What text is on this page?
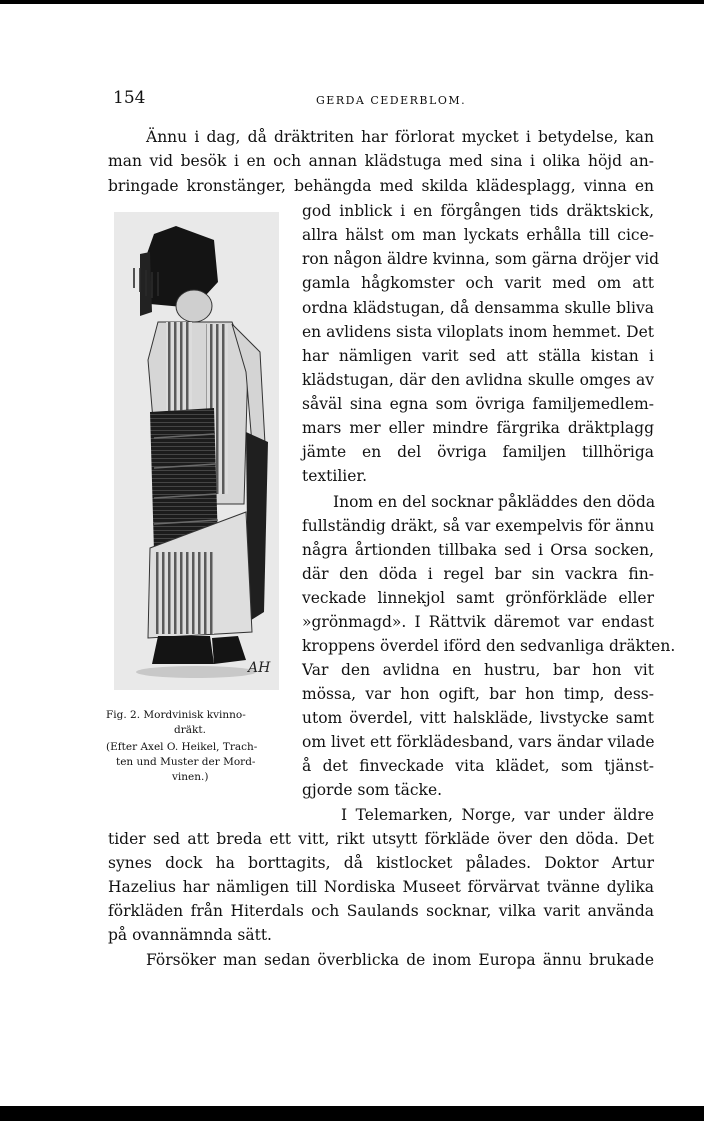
154	GERDA CEDERBLOM.
Ännu i dag, då dräktriten har förlorat mycket i betydelse, kan
man vid besök i en och annan klädstuga med sina i olika höjd an-
bringade kronstänger, behängda med skilda klädesplagg, vinna en
god inblick i en förgången tids dräktskick,
allra hälst om man lyckats erhålla till cice-
ron någon äldre kvinna, som gärna dröjer vid
gamla hågkomster och varit med om att
ordna klädstugan, då densamma skulle bliva
en avlidens sista viloplats inom hemmet. Det
har nämligen varit sed att ställa kistan i
klädstugan, där den avlidna skulle omges av
såväl sina egna som övriga familjemedlem-
mars mer eller mindre färgrika dräktplagg
jämte en del övriga familjen tillhöriga
textilier.
Inom en del socknar påkläddes den döda
fullständig dräkt, så var exempelvis för ännu
några årtionden tillbaka sed i Orsa socken,
där den döda i regel bar sin vackra fin-
veckade linnekjol samt grönförkläde eller
»grönmagd». I Rättvik däremot var endast
kroppens överdel iförd den sedvanliga dräkten.
Var den avlidna en hustru, bar hon vit
mössa, var hon ogift, bar hon timp, dess-
utom överdel, vitt halskläde, livstycke samt
om livet ett förklädesband, vars ändar vilade
å det finveckade vita klädet, som tjänst-
gjorde som täcke.
I Telemarken, Norge, var under äldre
tider sed att breda ett vitt, rikt utsytt förkläde över den döda. Det
synes dock ha borttagits, då kistlocket pålades. Doktor Artur
Hazelius har nämligen till Nordiska Museet förvärvat tvänne dylika
förkläden från Hiterdals och Saulands socknar, vilka varit använda
på ovannämnda sätt.
Försöker man sedan överblicka de inom Europa ännu brukade
AH
Fig. 2. Mordvinisk kvinno-
dräkt.
(Efter Axel O. Heikel, Trach-
ten und Muster der Mord-
vinen.)
